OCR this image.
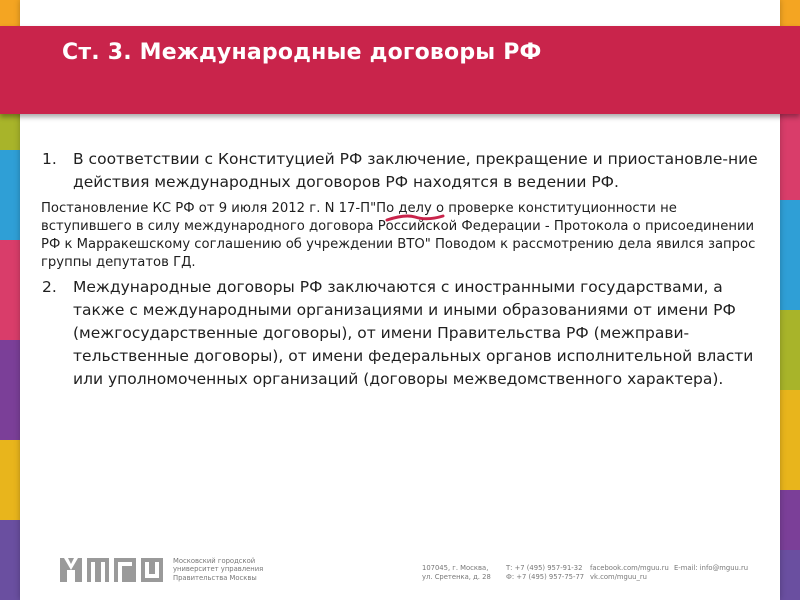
Ст. 3. Международные договоры РФ
1. В соответствии с Конституцией РФ заключение, прекращение и приостановле-ние действия международных договоров РФ находятся в ведении РФ.
Постановление КС РФ от 9 июля 2012 г. N 17-П"По делу о проверке конституционности не вступившего в силу международного договора Российской Федерации - Протокола о присоединении РФ к Марракешскому соглашению об учреждении ВТО" Поводом к рассмотрению дела явился запрос группы депутатов ГД.
2. Международные договоры РФ заключаются с иностранными государствами, а также с международными организациями и иными образованиями от имени РФ (межгосударственные договоры), от имени Правительства РФ (межправи-тельственные договоры), от имени федеральных органов исполнительной власти или уполномоченных организаций (договоры межведомственного характера).
Московский городской
университет управления
Правительства Москвы
107045, г. Москва,
ул. Сретенка, д. 28
Т: +7 (495) 957-91-32
Ф: +7 (495) 957-75-77
facebook.com/mguu.ru
vk.com/mguu_ru
E-mail: info@mguu.ru
